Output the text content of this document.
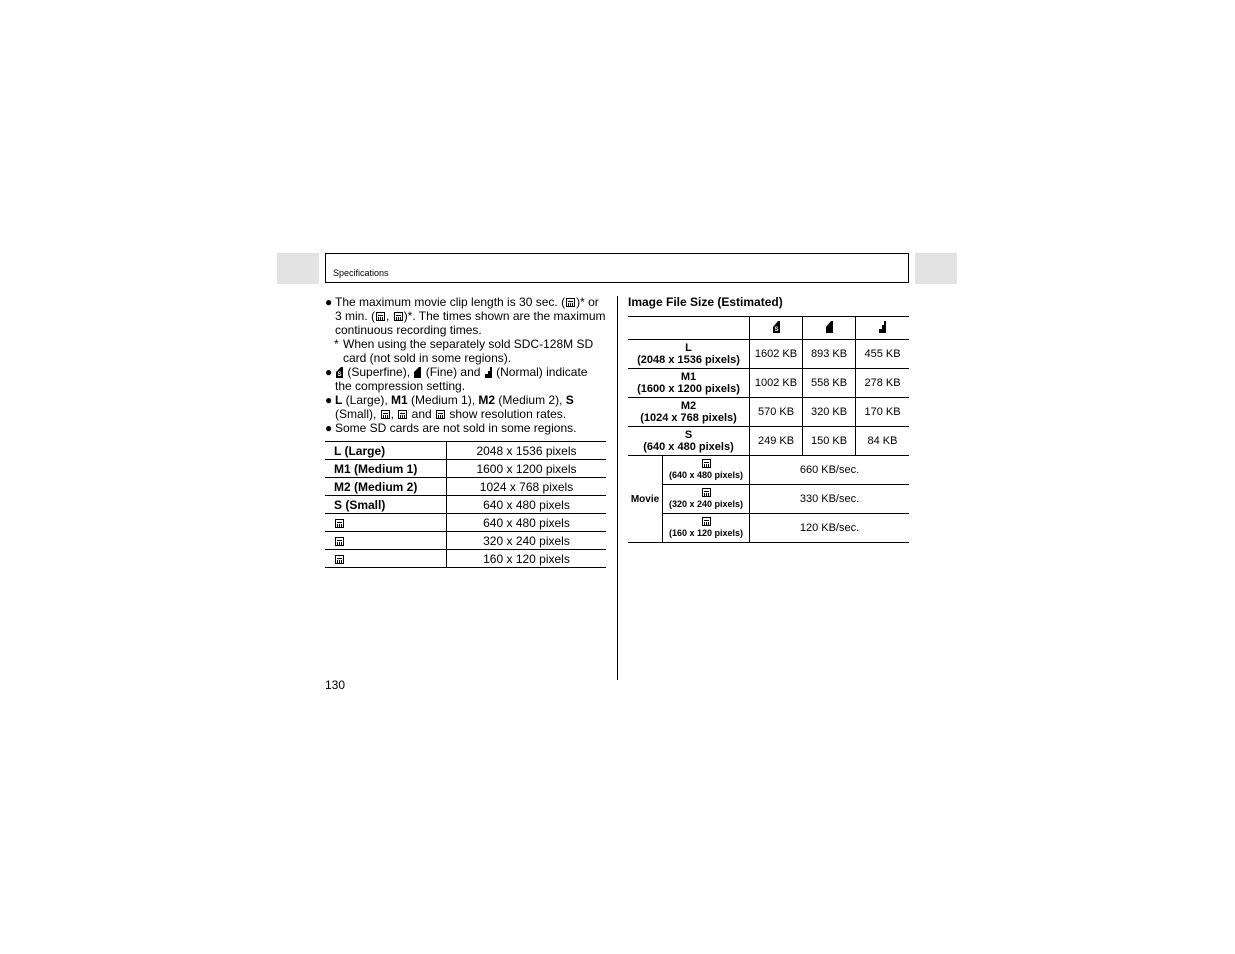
Specifications
● The maximum movie clip length is 30 sec. ( )* or 3 min. ( , )*. The times shown are the maximum continuous recording times.
* When using the separately sold SDC-128M SD card (not sold in some regions).
● S (Superfine), (Fine) and (Normal) indicate the compression setting.
● L (Large), M1 (Medium 1), M2 (Medium 2), S (Small), ,  and  show resolution rates.
● Some SD cards are not sold in some regions.
L (Large)	2048 x 1536 pixels
M1 (Medium 1)	1600 x 1200 pixels
M2 (Medium 2)	1024 x 768 pixels
S (Small)	640 x 480 pixels
	640 x 480 pixels
	320 x 240 pixels
	160 x 120 pixels
Image File Size (Estimated)

S

L
(2048 x 1536 pixels)		1602 KB	893 KB	455 KB

M1
(1600 x 1200 pixels)		1002 KB	558 KB	278 KB

M2
(1024 x 768 pixels)		570 KB	320 KB	170 KB

S
(640 x 480 pixels)		249 KB	150 KB	84 KB
Movie	(640 x 480 pixels)	660 KB/sec.		

	(320 x 240 pixels)	330 KB/sec.		

	(160 x 120 pixels)	120 KB/sec.		
130
